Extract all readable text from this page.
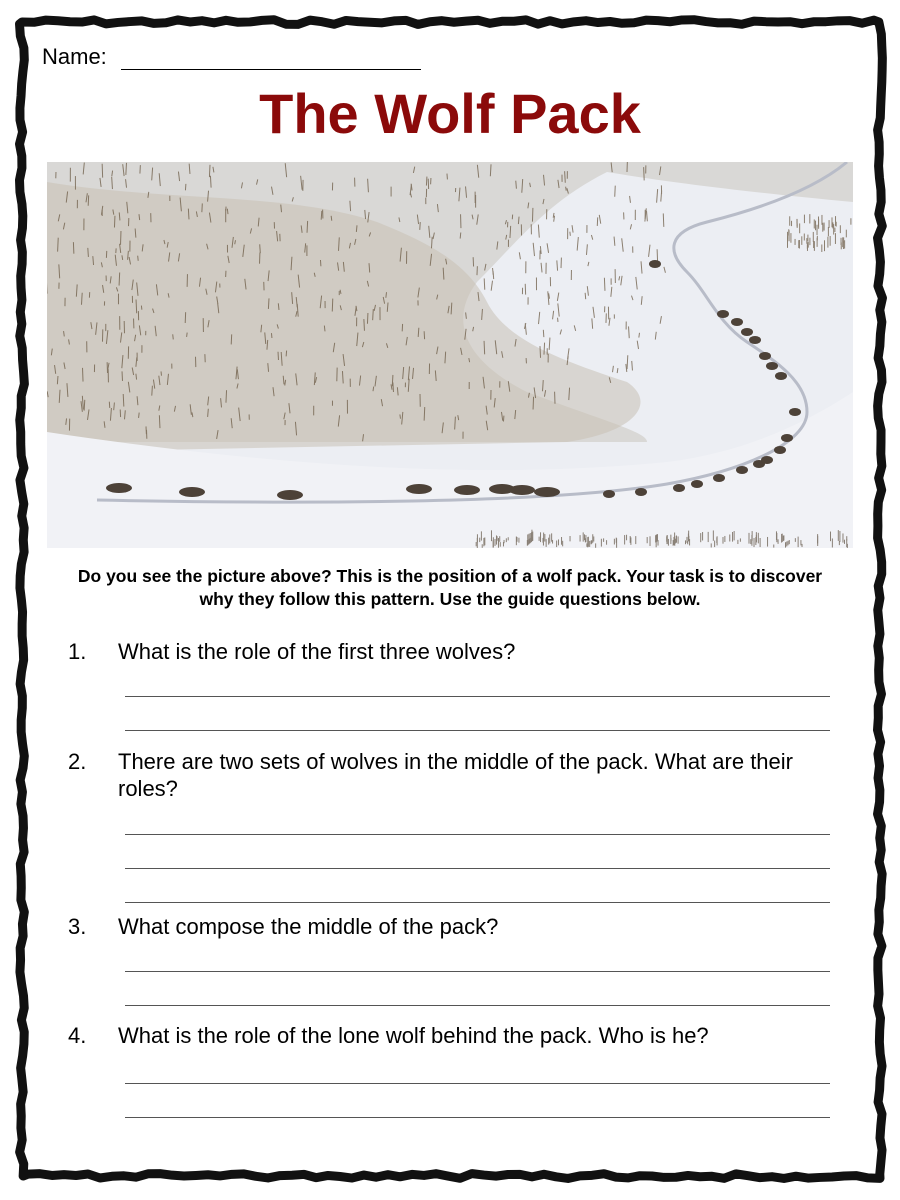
Name:
The Wolf Pack

Do you see the picture above? This is the position of a wolf pack. Your task is to discover why they follow this pattern. Use the guide questions below.

1.	What is the role of the first three wolves?
2.	There are two sets of wolves in the middle of the pack. What are their roles?
3.	What compose the middle of the pack?
4.	What is the role of the lone wolf behind the pack. Who is he?
